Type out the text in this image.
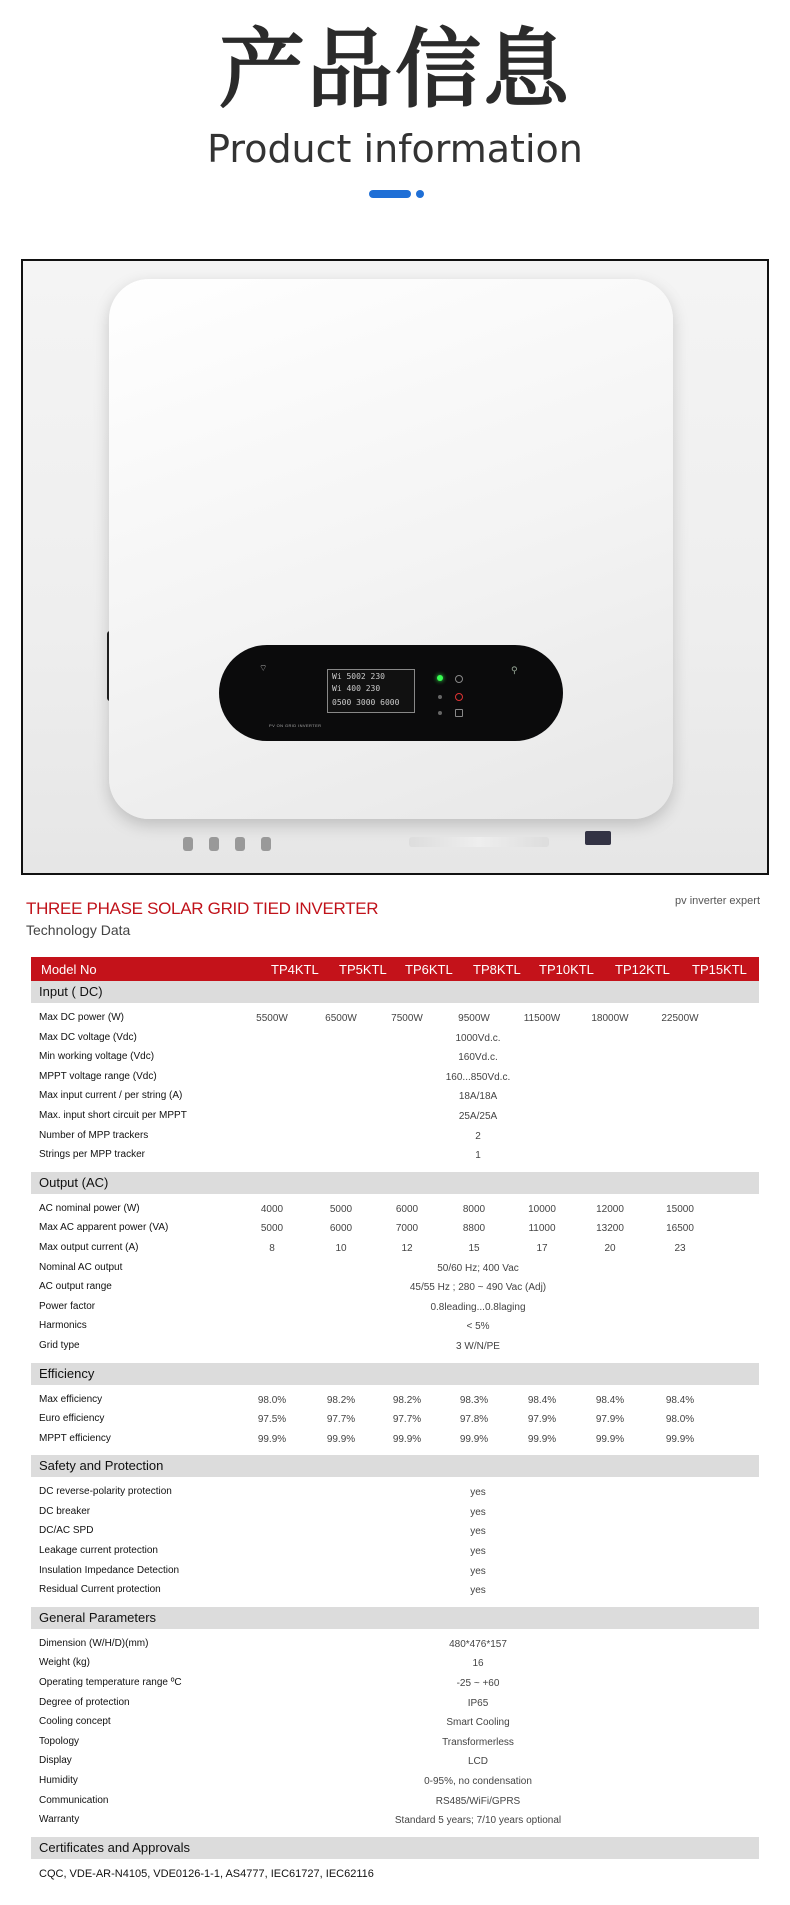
产品信息
Product information
⌔
Wi 5002 230
Wi 400 230
0500 3000 6000
⚲
PV ON GRID INVERTER
THREE PHASE SOLAR GRID TIED INVERTER
Technology Data
pv inverter expert
Model No	TP4KTL TP5KTL TP6KTL TP8KTL TP10KTL TP12KTL TP15KTL
Input ( DC)
Max DC power (W)	5500W	6500W	7500W	9500W	11500W	18000W	22500W
Max DC voltage (Vdc)	1000Vd.c.
Min working voltage (Vdc)	160Vd.c.
MPPT voltage range (Vdc)	160...850Vd.c.
Max input current / per string (A)	18A/18A
Max. input short circuit per MPPT	25A/25A
Number of MPP trackers	2
Strings per MPP tracker	1
Output (AC)
AC nominal power (W)	4000	5000	6000	8000	10000	12000	15000
Max AC apparent power (VA)	5000	6000	7000	8800	11000	13200	16500
Max output current (A)	8	10	12	15	17	20	23
Nominal AC output	50/60 Hz; 400 Vac
AC output range	45/55 Hz ; 280 ~ 490 Vac (Adj)
Power factor	0.8leading...0.8laging
Harmonics	< 5%
Grid type	3 W/N/PE
Efficiency
Max efficiency	98.0%	98.2%	98.2%	98.3%	98.4%	98.4%	98.4%
Euro efficiency	97.5%	97.7%	97.7%	97.8%	97.9%	97.9%	98.0%
MPPT efficiency	99.9%	99.9%	99.9%	99.9%	99.9%	99.9%	99.9%
Safety and Protection
DC reverse-polarity protection	yes
DC breaker	yes
DC/AC SPD	yes
Leakage current protection	yes
Insulation Impedance Detection	yes
Residual Current protection	yes
General Parameters
Dimension (W/H/D)(mm)	480*476*157
Weight (kg)	16
Operating temperature range ºC	-25 ~ +60
Degree of protection	IP65
Cooling concept	Smart Cooling
Topology	Transformerless
Display	LCD
Humidity	0-95%, no condensation
Communication	RS485/WiFi/GPRS
Warranty	Standard 5 years; 7/10 years optional
Certificates and Approvals
CQC, VDE-AR-N4105, VDE0126-1-1, AS4777, IEC61727, IEC62116
